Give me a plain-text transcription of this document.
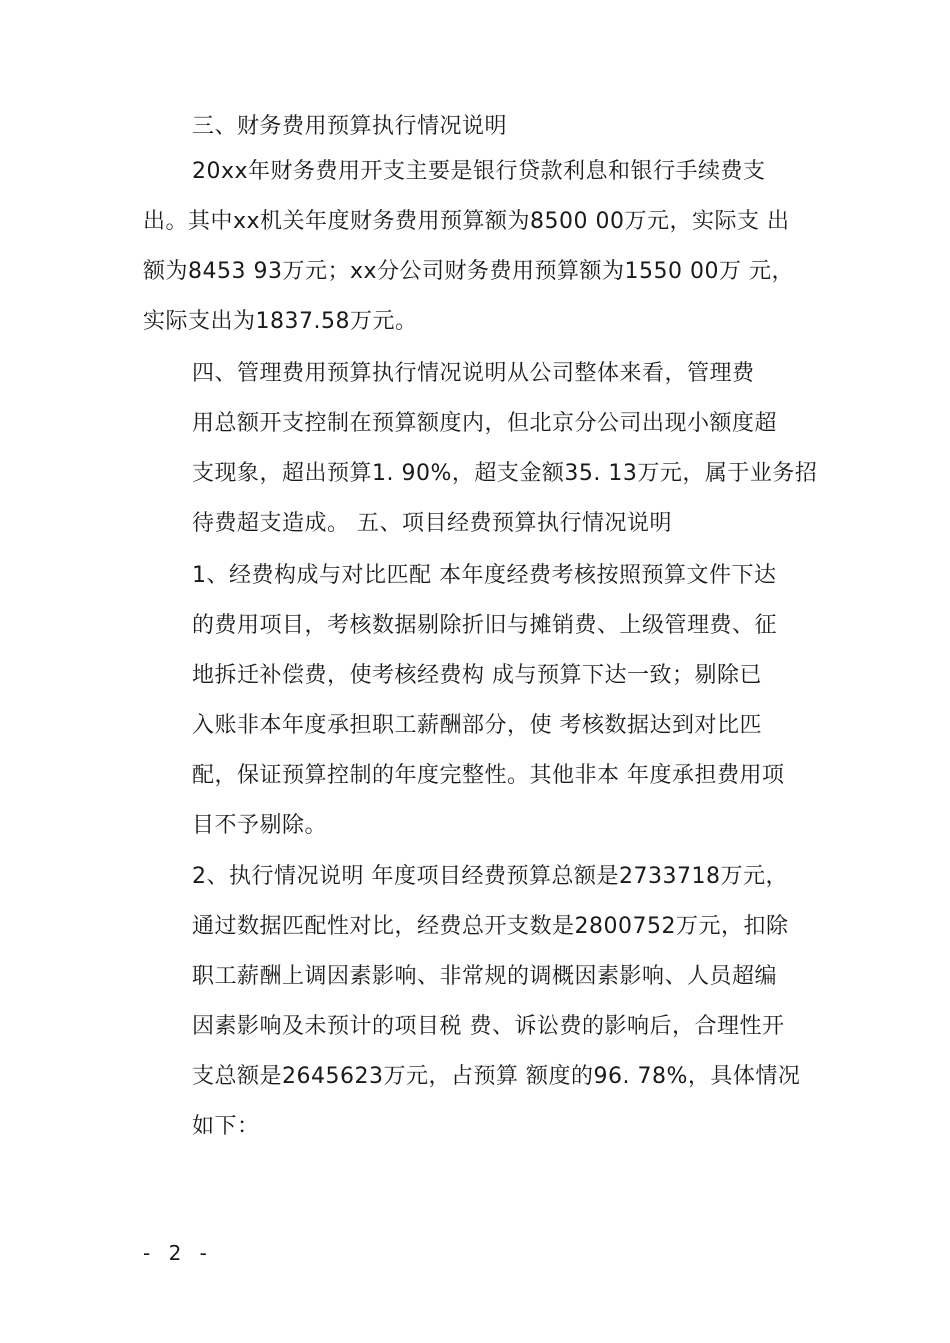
三、财务费用预算执行情况说明
20xx年财务费用开支主要是银行贷款利息和银行手续费支
出。其中xx机关年度财务费用预算额为8500 00万元，实际支 出
额为8453 93万元；xx分公司财务费用预算额为1550 00万 元，
实际支出为1837.58万元。
四、管理费用预算执行情况说明从公司整体来看，管理费
用总额开支控制在预算额度内，但北京分公司出现小额度超
支现象，超出预算1. 90%，超支金额35. 13万元，属于业务招
待费超支造成。 五、项目经费预算执行情况说明
1、经费构成与对比匹配 本年度经费考核按照预算文件下达
的费用项目，考核数据剔除折旧与摊销费、上级管理费、征
地拆迁补偿费，使考核经费构 成与预算下达一致；剔除已
入账非本年度承担职工薪酬部分，使 考核数据达到对比匹
配，保证预算控制的年度完整性。其他非本 年度承担费用项
目不予剔除。
2、执行情况说明 年度项目经费预算总额是2733718万元，
通过数据匹配性对比，经费总开支数是2800752万元，扣除
职工薪酬上调因素影响、非常规的调概因素影响、人员超编
因素影响及未预计的项目税 费、诉讼费的影响后，合理性开
支总额是2645623万元，占预算 额度的96. 78%，具体情况
如下：
- 2 -
